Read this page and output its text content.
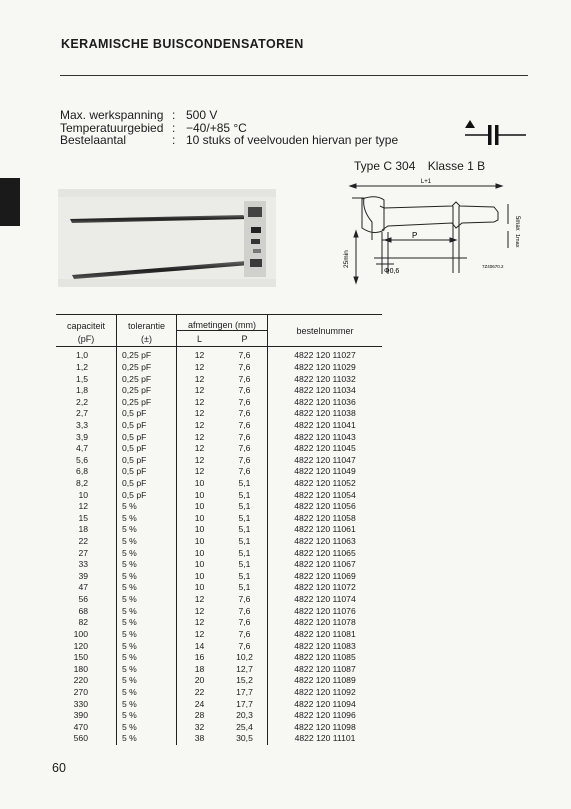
KERAMISCHE BUISCONDENSATOREN
Max. werkspanning : 500 V
Temperatuurgebied : −40/+85 °C
Bestelaantal	: 10 stuks of veelvouden hiervan per type
Type C 304 Klasse 1 B
L+1
P
5max
1max
25min
Φ0,6
7Z40670.2
capaciteit	tolerantie	afmetingen (mm)		bestelnummer
(pF)	(±)	L	P	
1,0	0,25 pF	12	7,6	4822 120 11027
1,2	0,25 pF	12	7,6	4822 120 11029
1,5	0,25 pF	12	7,6	4822 120 11032
1,8	0,25 pF	12	7,6	4822 120 11034
2,2	0,25 pF	12	7,6	4822 120 11036
2,7	0,5 pF	12	7,6	4822 120 11038
3,3	0,5 pF	12	7,6	4822 120 11041
3,9	0,5 pF	12	7,6	4822 120 11043
4,7	0,5 pF	12	7,6	4822 120 11045
5,6	0,5 pF	12	7,6	4822 120 11047
6,8	0,5 pF	12	7,6	4822 120 11049
8,2	0,5 pF	10	5,1	4822 120 11052
10	0,5 pF	10	5,1	4822 120 11054
12	5 %	10	5,1	4822 120 11056
15	5 %	10	5,1	4822 120 11058
18	5 %	10	5,1	4822 120 11061
22	5 %	10	5,1	4822 120 11063
27	5 %	10	5,1	4822 120 11065
33	5 %	10	5,1	4822 120 11067
39	5 %	10	5,1	4822 120 11069
47	5 %	10	5,1	4822 120 11072
56	5 %	12	7,6	4822 120 11074
68	5 %	12	7,6	4822 120 11076
82	5 %	12	7,6	4822 120 11078
100	5 %	12	7,6	4822 120 11081
120	5 %	14	7,6	4822 120 11083
150	5 %	16	10,2	4822 120 11085
180	5 %	18	12,7	4822 120 11087
220	5 %	20	15,2	4822 120 11089
270	5 %	22	17,7	4822 120 11092
330	5 %	24	17,7	4822 120 11094
390	5 %	28	20,3	4822 120 11096
470	5 %	32	25,4	4822 120 11098
560	5 %	38	30,5	4822 120 11101
60
